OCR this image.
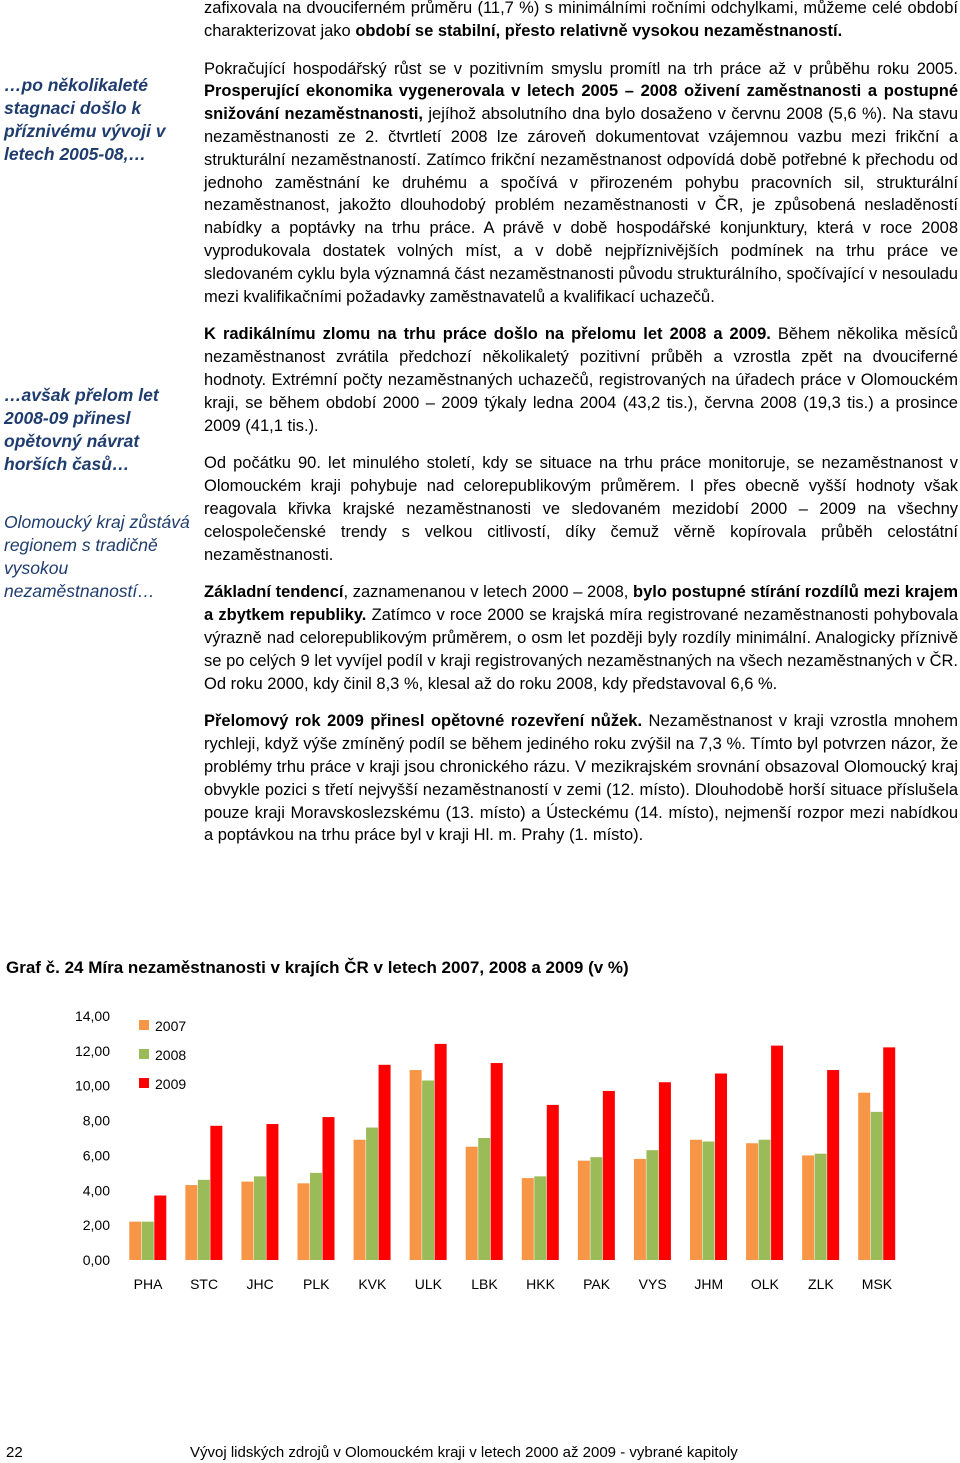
…po několikaleté stagnaci došlo k příznivému vývoji v letech 2005-08,…

…avšak přelom let 2008-09 přinesl opětovný návrat horších časů…

Olomoucký kraj zůstává regionem s tradičně vysokou nezaměstnaností…

zafixovala na dvouciferném průměru (11,7 %) s minimálními ročními odchylkami, můžeme celé období charakterizovat jako období se stabilní, přesto relativně vysokou nezaměstnaností.

Pokračující hospodářský růst se v pozitivním smyslu promítl na trh práce až v průběhu roku 2005. Prosperující ekonomika vygenerovala v letech 2005 – 2008 oživení zaměstnanosti a postupné snižování nezaměstnanosti, jejíhož absolutního dna bylo dosaženo v červnu 2008 (5,6 %). Na stavu nezaměstnanosti ze 2. čtvrtletí 2008 lze zároveň dokumentovat vzájemnou vazbu mezi frikční a strukturální nezaměstnaností. Zatímco frikční nezaměstnanost odpovídá době potřebné k přechodu od jednoho zaměstnání ke druhému a spočívá v přirozeném pohybu pracovních sil, strukturální nezaměstnanost, jakožto dlouhodobý problém nezaměstnanosti v ČR, je způsobená nesladěností nabídky a poptávky na trhu práce. A právě v době hospodářské konjunktury, která v roce 2008 vyprodukovala dostatek volných míst, a v době nejpříznivějších podmínek na trhu práce ve sledovaném cyklu byla významná část nezaměstnanosti původu strukturálního, spočívající v nesouladu mezi kvalifikačními požadavky zaměstnavatelů a kvalifikací uchazečů.

K radikálnímu zlomu na trhu práce došlo na přelomu let 2008 a 2009. Během několika měsíců nezaměstnanost zvrátila předchozí několikaletý pozitivní průběh a vzrostla zpět na dvouciferné hodnoty. Extrémní počty nezaměstnaných uchazečů, registrovaných na úřadech práce v Olomouckém kraji, se během období 2000 – 2009 týkaly ledna 2004 (43,2 tis.), června 2008 (19,3 tis.) a prosince 2009 (41,1 tis.).

Od počátku 90. let minulého století, kdy se situace na trhu práce monitoruje, se nezaměstnanost v Olomouckém kraji pohybuje nad celorepublikovým průměrem. I přes obecně vyšší hodnoty však reagovala křivka krajské nezaměstnanosti ve sledovaném mezidobí 2000 – 2009 na všechny celospolečenské trendy s velkou citlivostí, díky čemuž věrně kopírovala průběh celostátní nezaměstnanosti.

Základní tendencí, zaznamenanou v letech 2000 – 2008, bylo postupné stírání rozdílů mezi krajem a zbytkem republiky. Zatímco v roce 2000 se krajská míra registrované nezaměstnanosti pohybovala výrazně nad celorepublikovým průměrem, o osm let později byly rozdíly minimální. Analogicky příznivě se po celých 9 let vyvíjel podíl v kraji registrovaných nezaměstnaných na všech nezaměstnaných v ČR. Od roku 2000, kdy činil 8,3 %, klesal až do roku 2008, kdy představoval 6,6 %.

Přelomový rok 2009 přinesl opětovné rozevření nůžek. Nezaměstnanost v kraji vzrostla mnohem rychleji, když výše zmíněný podíl se během jediného roku zvýšil na 7,3 %. Tímto byl potvrzen názor, že problémy trhu práce v kraji jsou chronického rázu. V mezikrajském srovnání obsazoval Olomoucký kraj obvykle pozici s třetí nejvyšší nezaměstnaností v zemi (12. místo). Dlouhodobě horší situace příslušela pouze kraji Moravskoslezskému (13. místo) a Ústeckému (14. místo), nejmenší rozpor mezi nabídkou a poptávkou na trhu práce byl v kraji Hl. m. Prahy (1. místo).

Graf č. 24 Míra nezaměstnanosti v krajích ČR v letech 2007, 2008 a 2009 (v %)
14,00
12,00
10,00
8,00
6,00
4,00
2,00
0,00
PHA STC JHC PLK KVK ULK LBK HKK PAK VYS JHM OLK ZLK MSK
2007
2008
2009
22	Vývoj lidských zdrojů v Olomouckém kraji v letech 2000 až 2009 - vybrané kapitoly
